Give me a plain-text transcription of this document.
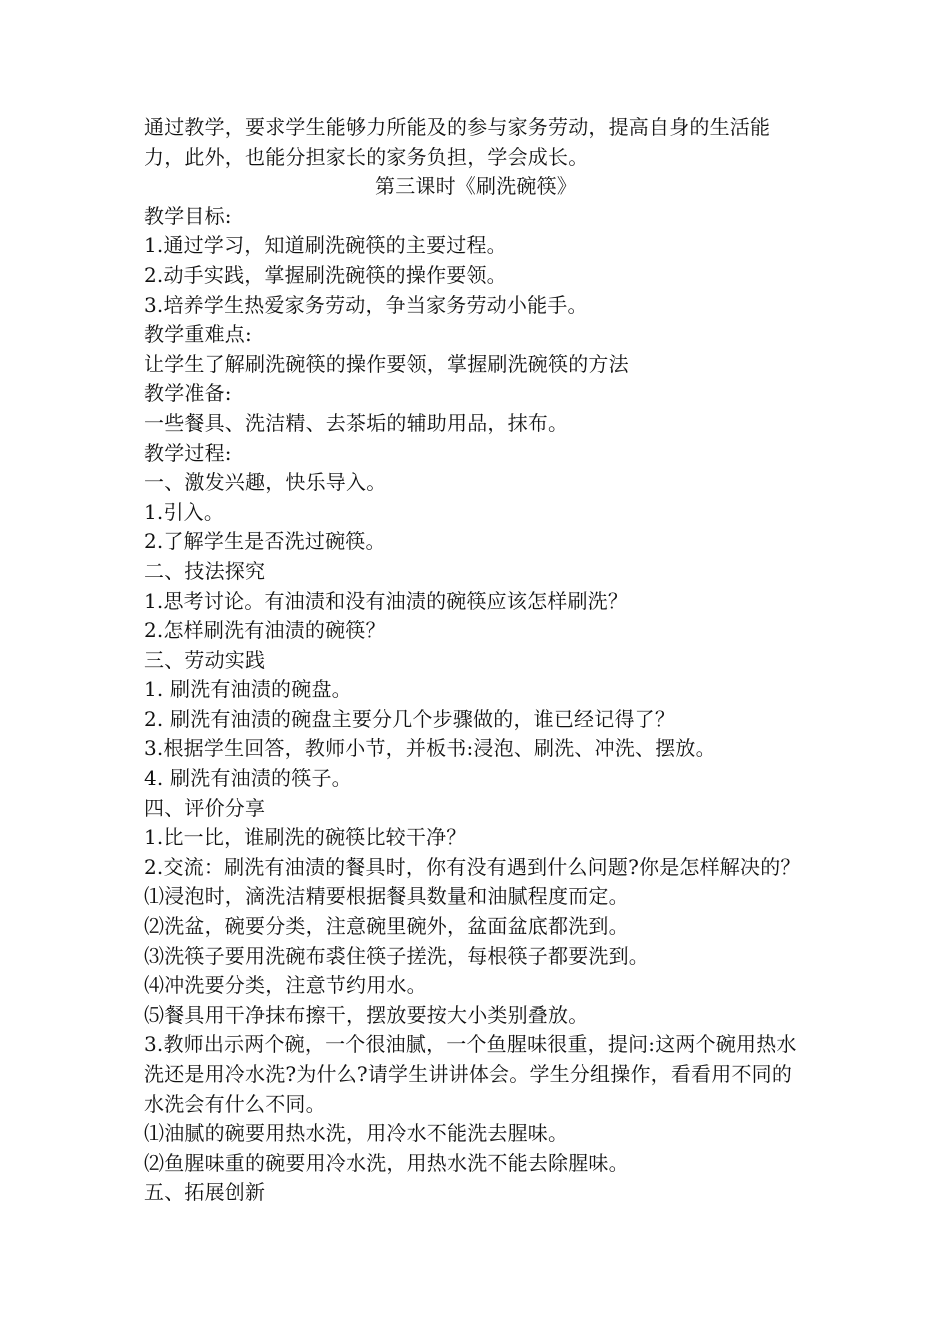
通过教学，要求学生能够力所能及的参与家务劳动，提高自身的生活能力，此外，也能分担家长的家务负担，学会成长。
第三课时《刷洗碗筷》
教学目标:
1.通过学习，知道刷洗碗筷的主要过程。
2.动手实践，掌握刷洗碗筷的操作要领。
3.培养学生热爱家务劳动，争当家务劳动小能手。
教学重难点:
让学生了解刷洗碗筷的操作要领，掌握刷洗碗筷的方法
教学准备:
一些餐具、洗洁精、去茶垢的辅助用品，抹布。
教学过程:
一、激发兴趣，快乐导入。
1.引入。
2.了解学生是否洗过碗筷。
二、技法探究
1.思考讨论。有油渍和没有油渍的碗筷应该怎样刷洗？
2.怎样刷洗有油渍的碗筷？
三、劳动实践
1. 刷洗有油渍的碗盘。
2. 刷洗有油渍的碗盘主要分几个步骤做的，谁已经记得了？
3.根据学生回答，教师小节，并板书:浸泡、刷洗、冲洗、摆放。
4. 刷洗有油渍的筷子。
四、评价分享
1.比一比，谁刷洗的碗筷比较干净？
2.交流：刷洗有油渍的餐具时，你有没有遇到什么问题?你是怎样解决的？
⑴浸泡时，滴洗洁精要根据餐具数量和油腻程度而定。
⑵洗盆，碗要分类，注意碗里碗外，盆面盆底都洗到。
⑶洗筷子要用洗碗布裘住筷子搓洗，每根筷子都要洗到。
⑷冲洗要分类，注意节约用水。
⑸餐具用干净抹布擦干，摆放要按大小类别叠放。
3.教师出示两个碗，一个很油腻，一个鱼腥味很重，提问:这两个碗用热水洗还是用冷水洗?为什么?请学生讲讲体会。学生分组操作，看看用不同的水洗会有什么不同。
⑴油腻的碗要用热水洗，用冷水不能洗去腥味。
⑵鱼腥味重的碗要用冷水洗，用热水洗不能去除腥味。
五、拓展创新
